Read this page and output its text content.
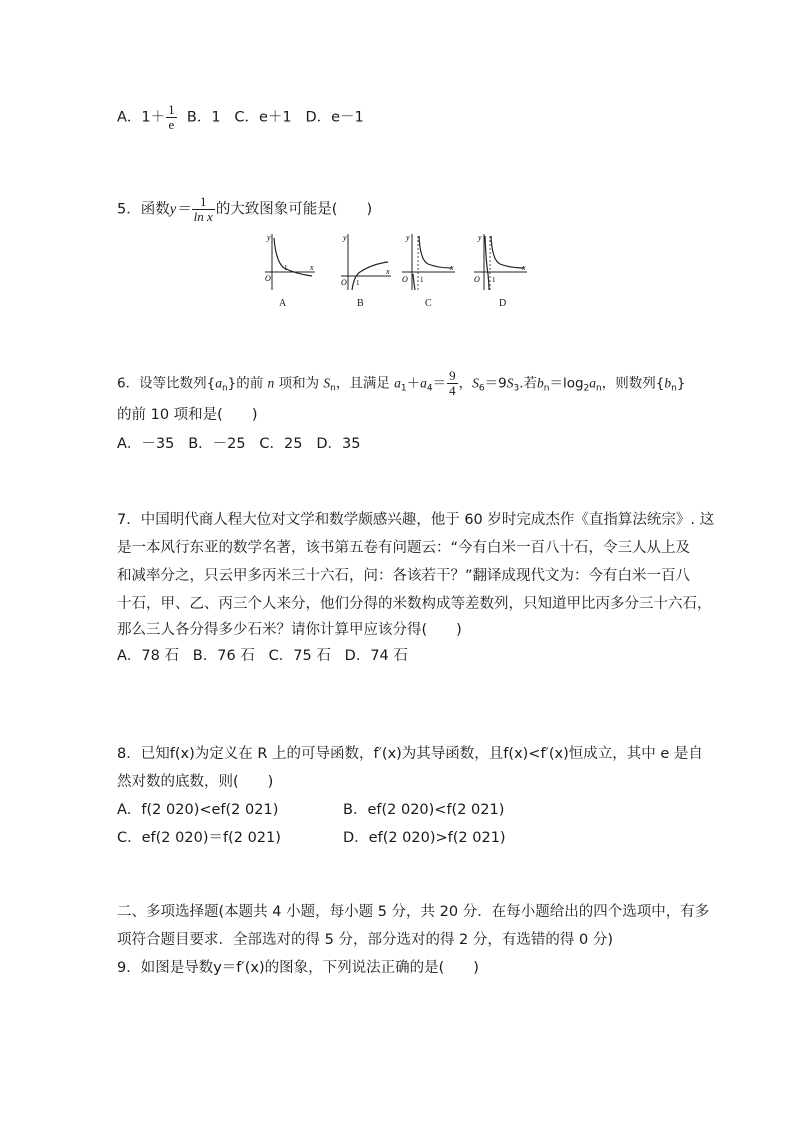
A．$1+ \frac{1}{e}$ B．1   C．e＋1   D．e－1
5．函数$y= \frac{1}{\text{ln x}}$ 的大致图象可能是(　　)
y
x
O
1
y
x
O 1
y
x
O 1
y
x
O 1
A	B	C	D
6．设等比数列$\{a_n\}$的前 n 项和为 $S_n$，且满足 $a_1+a_4= \frac{9}{4}$ ，$S_6=9S_3$.若$b_n=\log_2a_n$，则数列$\{b_n\}$
的前 10 项和是(　　)
A．－35   B．－25   C．25   D．35
7．中国明代商人程大位对文学和数学颇感兴趣，他于 60 岁时完成杰作《直指算法统宗》. 这
是一本风行东亚的数学名著，该书第五卷有问题云：“今有白米一百八十石，令三人从上及
和减率分之，只云甲多丙米三十六石，问：各该若干？”翻译成现代文为：今有白米一百八
十石，甲、乙、丙三个人来分，他们分得的米数构成等差数列，只知道甲比丙多分三十六石，
那么三人各分得多少石米？请你计算甲应该分得(　　)
A．78 石   B．76 石   C．75 石   D．74 石
8．已知f(x)为定义在 R 上的可导函数，f′(x)为其导函数，且f(x)<f′(x)恒成立，其中 e 是自
然对数的底数，则(　　)
A．f(2 020)<ef(2 021)	B．ef(2 020)<f(2 021)
C．ef(2 020)＝f(2 021)	D．ef(2 020)>f(2 021)
二、多项选择题(本题共 4 小题，每小题 5 分，共 20 分．在每小题给出的四个选项中，有多
项符合题目要求．全部选对的得 5 分，部分选对的得 2 分，有选错的得 0 分)
9．如图是导数y＝f′(x)的图象，下列说法正确的是(　　)
